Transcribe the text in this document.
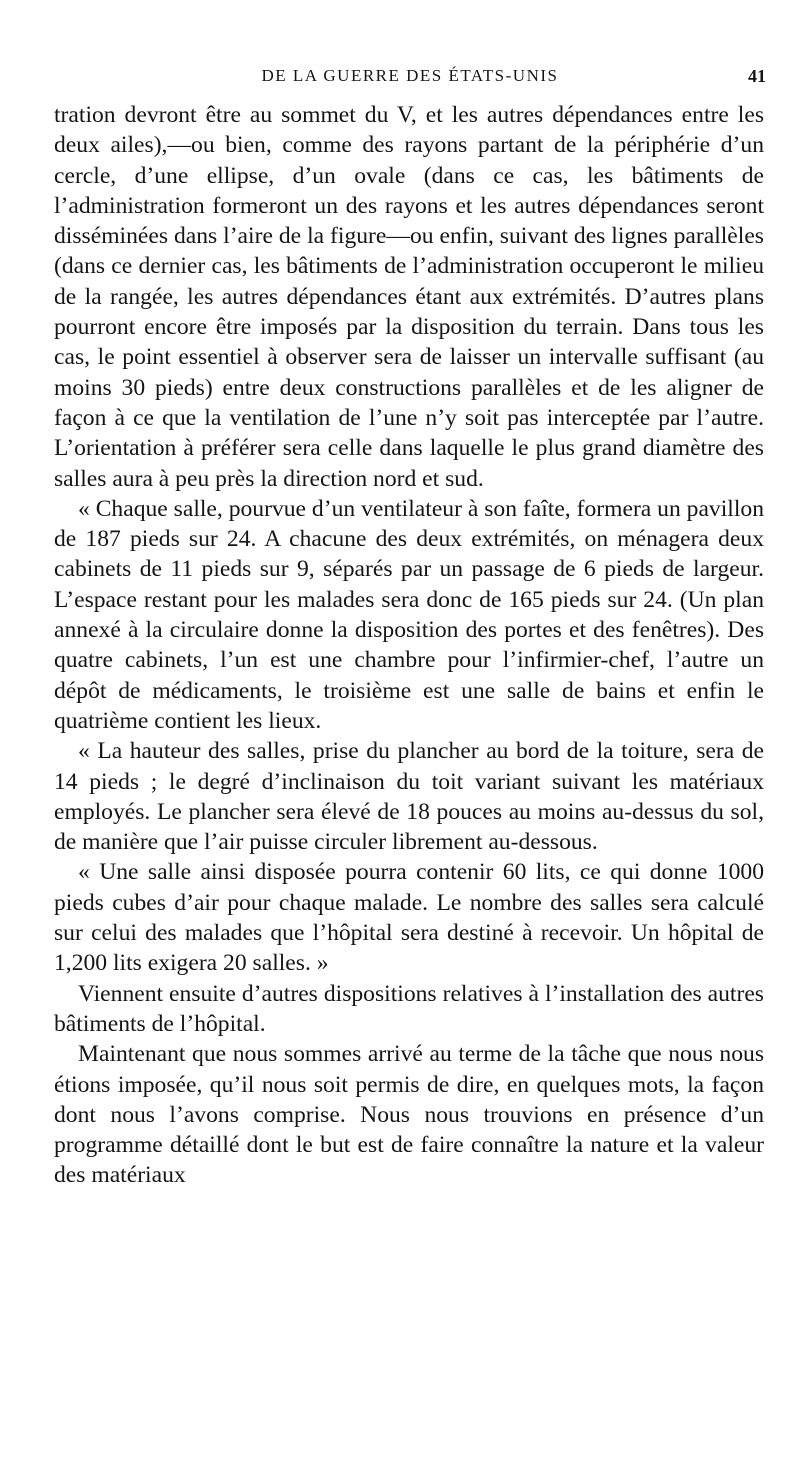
DE LA GUERRE DES ÉTATS-UNIS	41

tration devront être au sommet du V, et les autres dépendances entre les deux ailes),—ou bien, comme des rayons partant de la périphérie d’un cercle, d’une ellipse, d’un ovale (dans ce cas, les bâtiments de l’administration formeront un des rayons et les autres dépendances seront disséminées dans l’aire de la figure—ou enfin, suivant des lignes parallèles (dans ce dernier cas, les bâtiments de l’administration occuperont le milieu de la rangée, les autres dépendances étant aux extrémités. D’autres plans pourront encore être imposés par la disposition du terrain. Dans tous les cas, le point essentiel à observer sera de laisser un intervalle suffisant (au moins 30 pieds) entre deux constructions parallèles et de les aligner de façon à ce que la ventilation de l’une n’y soit pas interceptée par l’autre. L’orientation à préférer sera celle dans laquelle le plus grand diamètre des salles aura à peu près la direction nord et sud.

« Chaque salle, pourvue d’un ventilateur à son faîte, formera un pavillon de 187 pieds sur 24. A chacune des deux extrémités, on ménagera deux cabinets de 11 pieds sur 9, séparés par un passage de 6 pieds de largeur. L’espace restant pour les malades sera donc de 165 pieds sur 24. (Un plan annexé à la circulaire donne la disposition des portes et des fenêtres). Des quatre cabinets, l’un est une chambre pour l’infirmier-chef, l’autre un dépôt de médicaments, le troisième est une salle de bains et enfin le quatrième contient les lieux.

« La hauteur des salles, prise du plancher au bord de la toiture, sera de 14 pieds ; le degré d’inclinaison du toit variant suivant les matériaux employés. Le plancher sera élevé de 18 pouces au moins au-dessus du sol, de manière que l’air puisse circuler librement au-dessous.

« Une salle ainsi disposée pourra contenir 60 lits, ce qui donne 1000 pieds cubes d’air pour chaque malade. Le nombre des salles sera calculé sur celui des malades que l’hôpital sera destiné à recevoir. Un hôpital de 1,200 lits exigera 20 salles. »

Viennent ensuite d’autres dispositions relatives à l’installation des autres bâtiments de l’hôpital.

Maintenant que nous sommes arrivé au terme de la tâche que nous nous étions imposée, qu’il nous soit permis de dire, en quelques mots, la façon dont nous l’avons comprise. Nous nous trouvions en présence d’un programme détaillé dont le but est de faire connaître la nature et la valeur des matériaux
